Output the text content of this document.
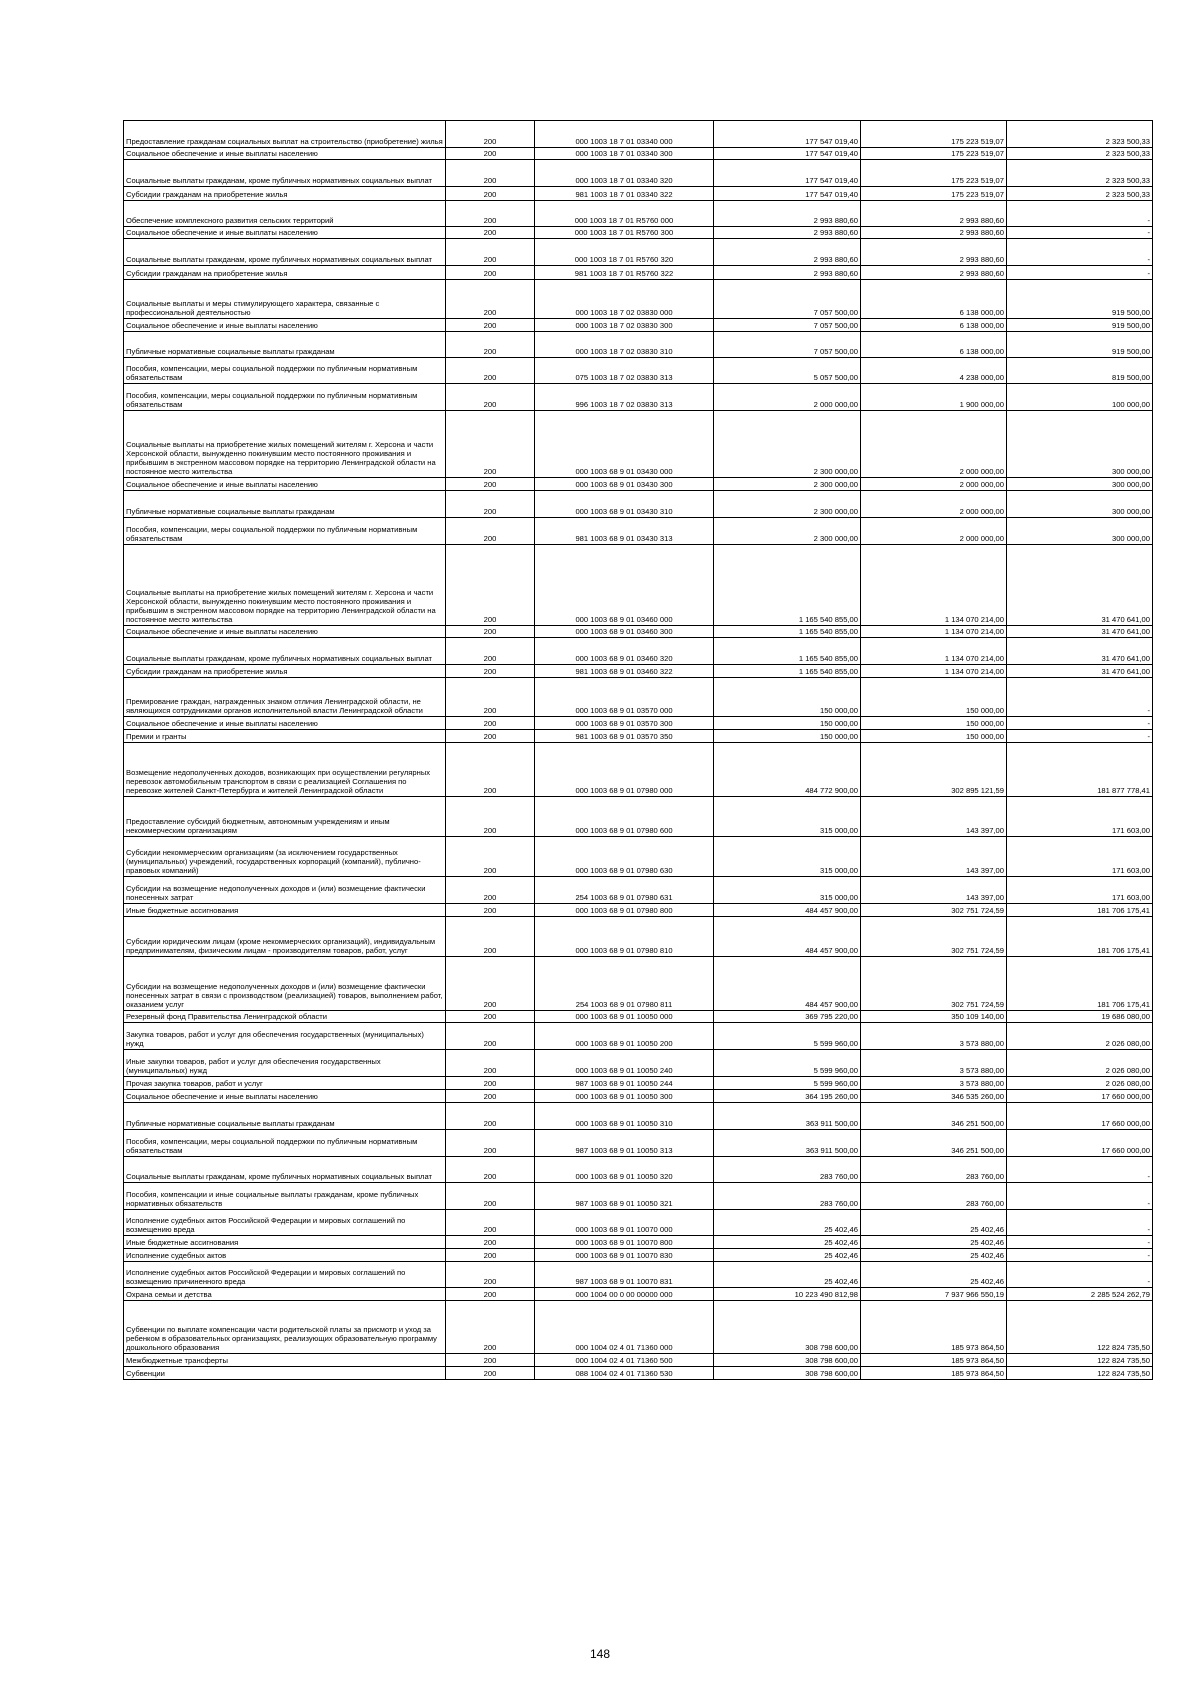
Предоставление гражданам социальных выплат на строительство (приобретение) жилья	200	000 1003 18 7 01 03340 000	177 547 019,40	175 223 519,07	2 323 500,33
Социальное обеспечение и иные выплаты населению	200	000 1003 18 7 01 03340 300	177 547 019,40	175 223 519,07	2 323 500,33
Социальные выплаты гражданам, кроме публичных нормативных социальных выплат	200	000 1003 18 7 01 03340 320	177 547 019,40	175 223 519,07	2 323 500,33
Субсидии гражданам на приобретение жилья	200	981 1003 18 7 01 03340 322	177 547 019,40	175 223 519,07	2 323 500,33
Обеспечение комплексного развития сельских территорий	200	000 1003 18 7 01 R5760 000	2 993 880,60	2 993 880,60	-
Социальное обеспечение и иные выплаты населению	200	000 1003 18 7 01 R5760 300	2 993 880,60	2 993 880,60	-
Социальные выплаты гражданам, кроме публичных нормативных социальных выплат	200	000 1003 18 7 01 R5760 320	2 993 880,60	2 993 880,60	-
Субсидии гражданам на приобретение жилья	200	981 1003 18 7 01 R5760 322	2 993 880,60	2 993 880,60	-
Социальные выплаты и меры стимулирующего характера, связанные с профессиональной деятельностью	200	000 1003 18 7 02 03830 000	7 057 500,00	6 138 000,00	919 500,00
Социальное обеспечение и иные выплаты населению	200	000 1003 18 7 02 03830 300	7 057 500,00	6 138 000,00	919 500,00
Публичные нормативные социальные выплаты гражданам	200	000 1003 18 7 02 03830 310	7 057 500,00	6 138 000,00	919 500,00
Пособия, компенсации, меры социальной поддержки по публичным нормативным обязательствам	200	075 1003 18 7 02 03830 313	5 057 500,00	4 238 000,00	819 500,00
Пособия, компенсации, меры социальной поддержки по публичным нормативным обязательствам	200	996 1003 18 7 02 03830 313	2 000 000,00	1 900 000,00	100 000,00
Социальные выплаты на приобретение жилых помещений жителям г. Херсона и части Херсонской области, вынужденно покинувшим место постоянного проживания и прибывшим в экстренном массовом порядке на территорию Ленинградской области на постоянное место жительства	200	000 1003 68 9 01 03430 000	2 300 000,00	2 000 000,00	300 000,00
Социальное обеспечение и иные выплаты населению	200	000 1003 68 9 01 03430 300	2 300 000,00	2 000 000,00	300 000,00
Публичные нормативные социальные выплаты гражданам	200	000 1003 68 9 01 03430 310	2 300 000,00	2 000 000,00	300 000,00
Пособия, компенсации, меры социальной поддержки по публичным нормативным обязательствам	200	981 1003 68 9 01 03430 313	2 300 000,00	2 000 000,00	300 000,00
Социальные выплаты на приобретение жилых помещений жителям г. Херсона и части Херсонской области, вынужденно покинувшим место постоянного проживания и прибывшим в экстренном массовом порядке на территорию Ленинградской области на постоянное место жительства	200	000 1003 68 9 01 03460 000	1 165 540 855,00	1 134 070 214,00	31 470 641,00
Социальное обеспечение и иные выплаты населению	200	000 1003 68 9 01 03460 300	1 165 540 855,00	1 134 070 214,00	31 470 641,00
Социальные выплаты гражданам, кроме публичных нормативных социальных выплат	200	000 1003 68 9 01 03460 320	1 165 540 855,00	1 134 070 214,00	31 470 641,00
Субсидии гражданам на приобретение жилья	200	981 1003 68 9 01 03460 322	1 165 540 855,00	1 134 070 214,00	31 470 641,00
Премирование граждан, награжденных знаком отличия Ленинградской области, не являющихся сотрудниками органов исполнительной власти Ленинградской области	200	000 1003 68 9 01 03570 000	150 000,00	150 000,00	-
Социальное обеспечение и иные выплаты населению	200	000 1003 68 9 01 03570 300	150 000,00	150 000,00	-
Премии и гранты	200	981 1003 68 9 01 03570 350	150 000,00	150 000,00	-
Возмещение недополученных доходов, возникающих при осуществлении регулярных перевозок автомобильным транспортом в связи с реализацией Соглашения по перевозке жителей Санкт-Петербурга и жителей Ленинградской области	200	000 1003 68 9 01 07980 000	484 772 900,00	302 895 121,59	181 877 778,41
Предоставление субсидий бюджетным, автономным учреждениям и иным некоммерческим организациям	200	000 1003 68 9 01 07980 600	315 000,00	143 397,00	171 603,00
Субсидии некоммерческим организациям (за исключением государственных (муниципальных) учреждений, государственных корпораций (компаний), публично-правовых компаний)	200	000 1003 68 9 01 07980 630	315 000,00	143 397,00	171 603,00
Субсидии на возмещение недополученных доходов и (или) возмещение фактически понесенных затрат	200	254 1003 68 9 01 07980 631	315 000,00	143 397,00	171 603,00
Иные бюджетные ассигнования	200	000 1003 68 9 01 07980 800	484 457 900,00	302 751 724,59	181 706 175,41
Субсидии юридическим лицам (кроме некоммерческих организаций), индивидуальным предпринимателям, физическим лицам - производителям товаров, работ, услуг	200	000 1003 68 9 01 07980 810	484 457 900,00	302 751 724,59	181 706 175,41
Субсидии на возмещение недополученных доходов и (или) возмещение фактически понесенных затрат в связи с производством (реализацией) товаров, выполнением работ, оказанием услуг	200	254 1003 68 9 01 07980 811	484 457 900,00	302 751 724,59	181 706 175,41
Резервный фонд Правительства Ленинградской области	200	000 1003 68 9 01 10050 000	369 795 220,00	350 109 140,00	19 686 080,00
Закупка товаров, работ и услуг для обеспечения государственных (муниципальных) нужд	200	000 1003 68 9 01 10050 200	5 599 960,00	3 573 880,00	2 026 080,00
Иные закупки товаров, работ и услуг для обеспечения государственных (муниципальных) нужд	200	000 1003 68 9 01 10050 240	5 599 960,00	3 573 880,00	2 026 080,00
Прочая закупка товаров, работ и услуг	200	987 1003 68 9 01 10050 244	5 599 960,00	3 573 880,00	2 026 080,00
Социальное обеспечение и иные выплаты населению	200	000 1003 68 9 01 10050 300	364 195 260,00	346 535 260,00	17 660 000,00
Публичные нормативные социальные выплаты гражданам	200	000 1003 68 9 01 10050 310	363 911 500,00	346 251 500,00	17 660 000,00
Пособия, компенсации, меры социальной поддержки по публичным нормативным обязательствам	200	987 1003 68 9 01 10050 313	363 911 500,00	346 251 500,00	17 660 000,00
Социальные выплаты гражданам, кроме публичных нормативных социальных выплат	200	000 1003 68 9 01 10050 320	283 760,00	283 760,00	-
Пособия, компенсации и иные социальные выплаты гражданам, кроме публичных нормативных обязательств	200	987 1003 68 9 01 10050 321	283 760,00	283 760,00	-
Исполнение судебных актов Российской Федерации и мировых соглашений по возмещению вреда	200	000 1003 68 9 01 10070 000	25 402,46	25 402,46	-
Иные бюджетные ассигнования	200	000 1003 68 9 01 10070 800	25 402,46	25 402,46	-
Исполнение судебных актов	200	000 1003 68 9 01 10070 830	25 402,46	25 402,46	-
Исполнение судебных актов Российской Федерации и мировых соглашений по возмещению причиненного вреда	200	987 1003 68 9 01 10070 831	25 402,46	25 402,46	-
Охрана семьи и детства	200	000 1004 00 0 00 00000 000	10 223 490 812,98	7 937 966 550,19	2 285 524 262,79
Субвенции по выплате компенсации части родительской платы за присмотр и уход за ребенком в образовательных организациях, реализующих образовательную программу дошкольного образования	200	000 1004 02 4 01 71360 000	308 798 600,00	185 973 864,50	122 824 735,50
Межбюджетные трансферты	200	000 1004 02 4 01 71360 500	308 798 600,00	185 973 864,50	122 824 735,50
Субвенции	200	088 1004 02 4 01 71360 530	308 798 600,00	185 973 864,50	122 824 735,50
148
